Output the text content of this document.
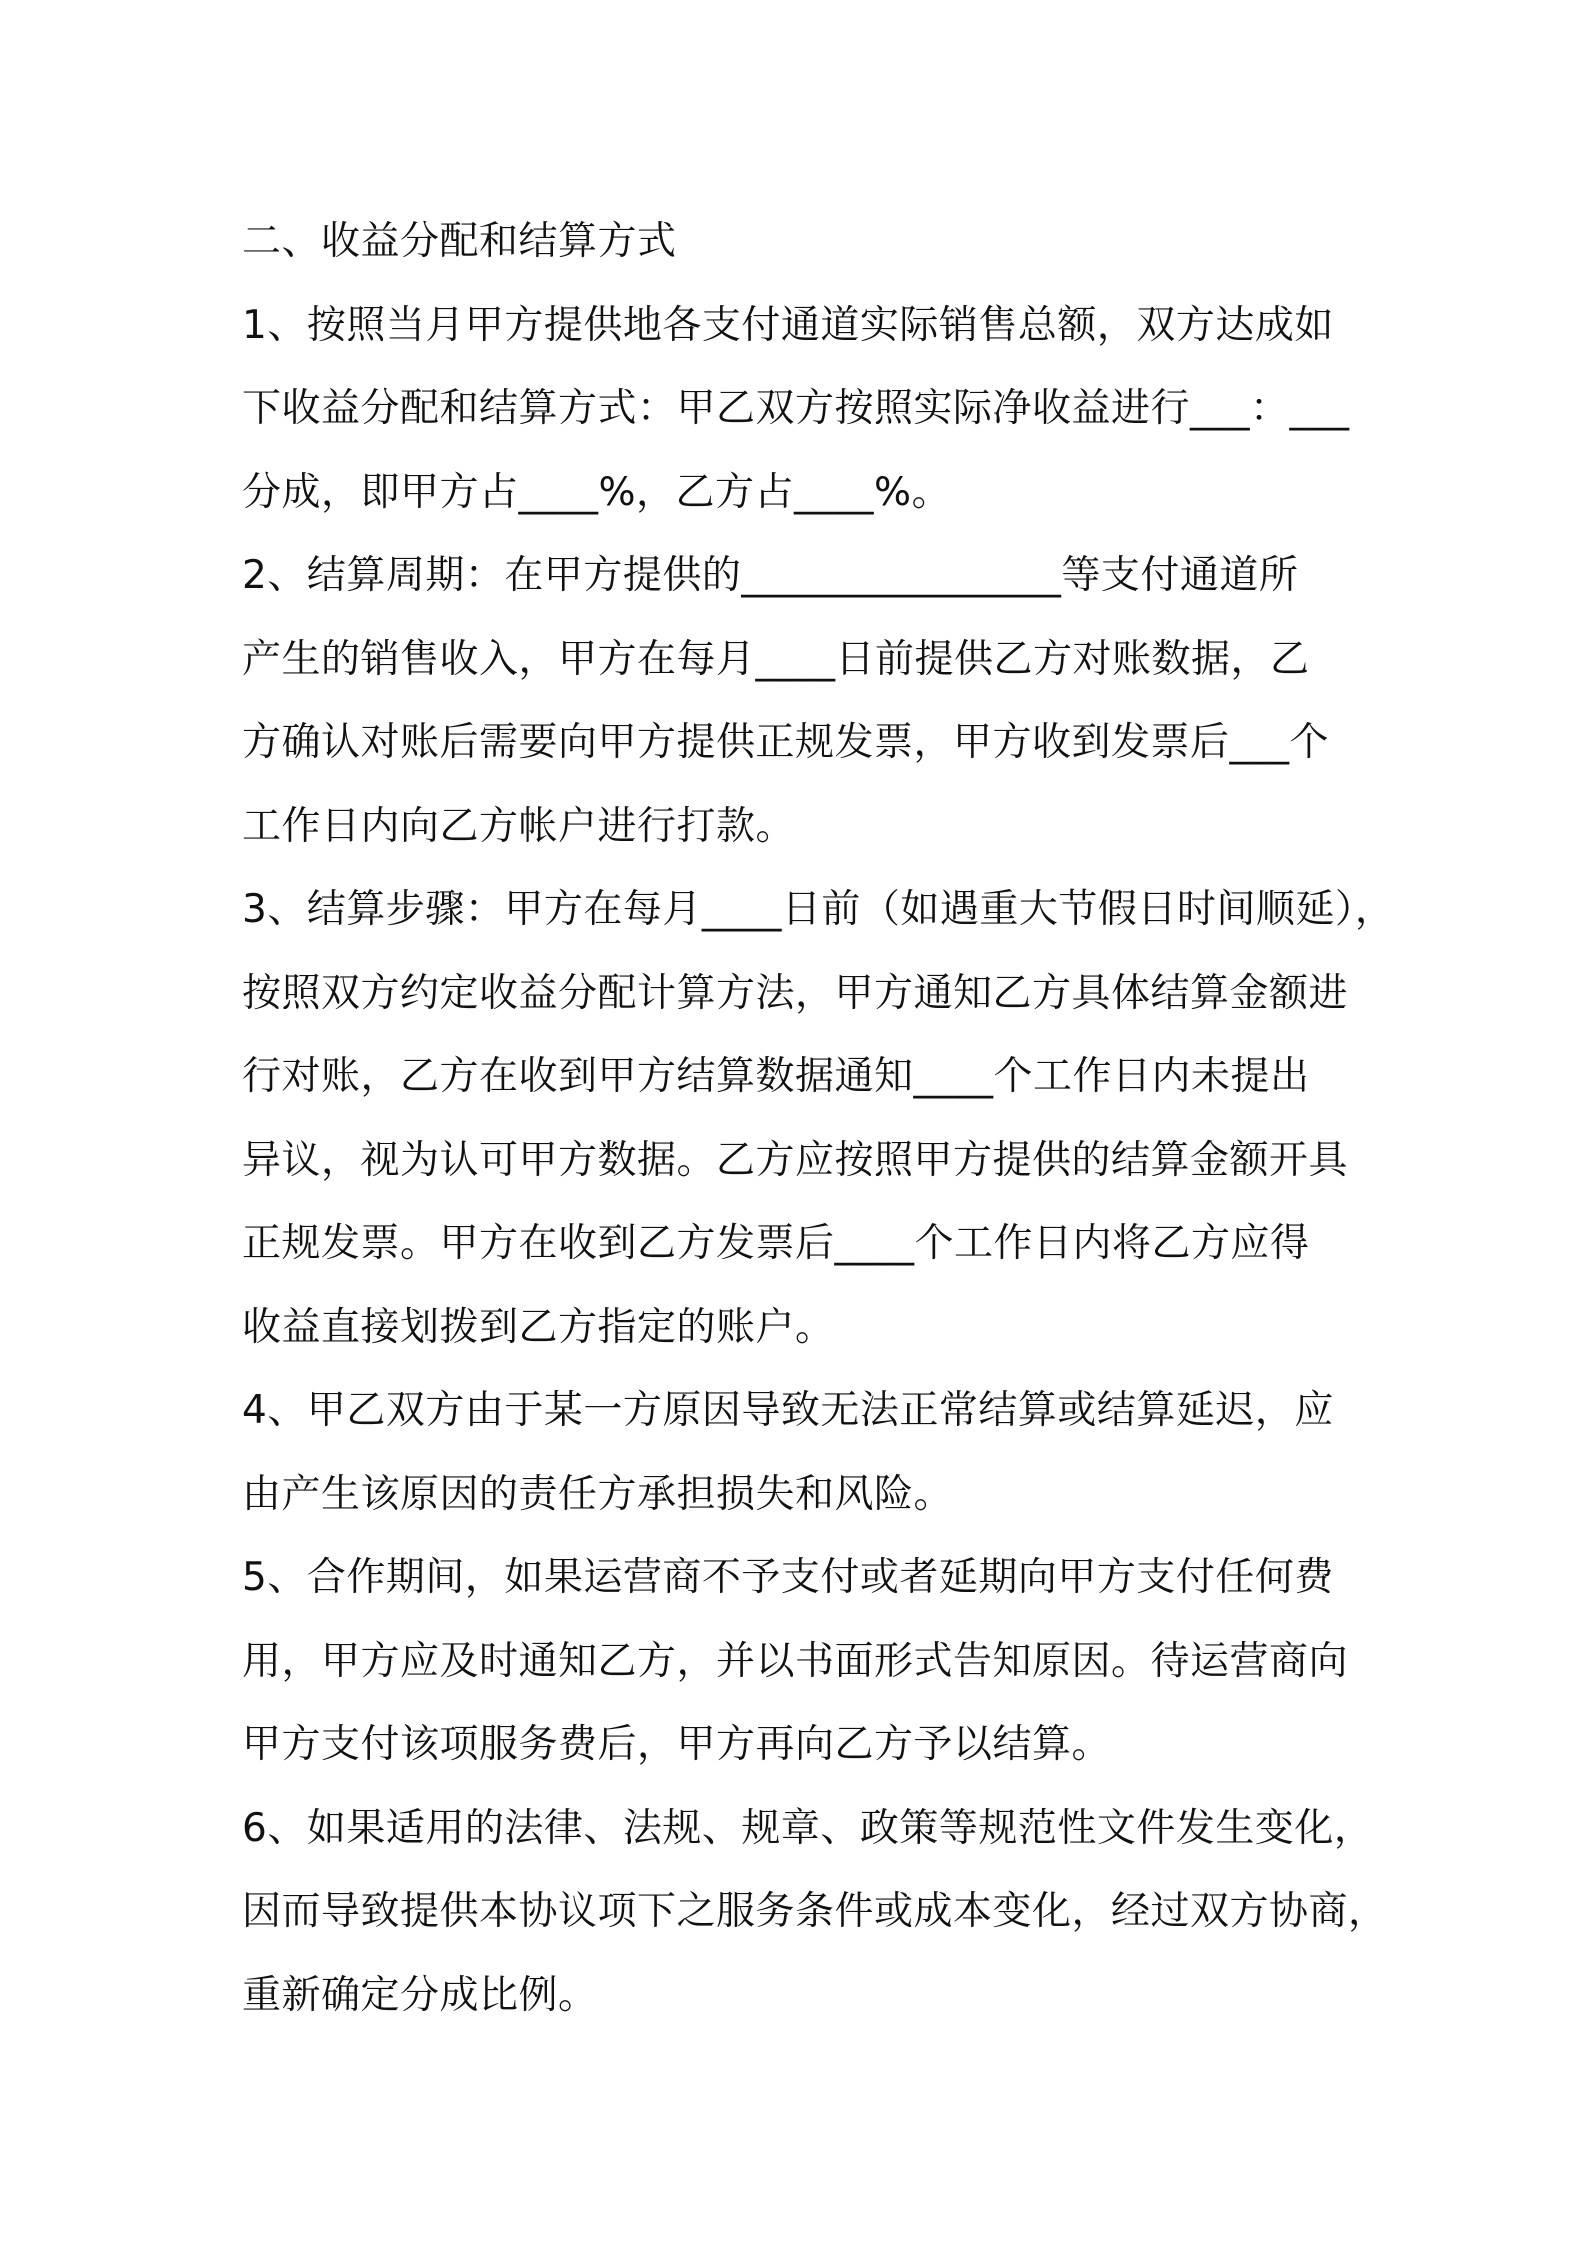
二、收益分配和结算方式
1、按照当月甲方提供地各支付通道实际销售总额，双方达成如
下收益分配和结算方式：甲乙双方按照实际净收益进行___：___
分成，即甲方占____%，乙方占____%。
2、结算周期：在甲方提供的________________等支付通道所
产生的销售收入，甲方在每月____日前提供乙方对账数据，乙
方确认对账后需要向甲方提供正规发票，甲方收到发票后___个
工作日内向乙方帐户进行打款。
3、结算步骤：甲方在每月____日前（如遇重大节假日时间顺延），
按照双方约定收益分配计算方法，甲方通知乙方具体结算金额进
行对账，乙方在收到甲方结算数据通知____个工作日内未提出
异议，视为认可甲方数据。乙方应按照甲方提供的结算金额开具
正规发票。甲方在收到乙方发票后____个工作日内将乙方应得
收益直接划拨到乙方指定的账户。
4、甲乙双方由于某一方原因导致无法正常结算或结算延迟，应
由产生该原因的责任方承担损失和风险。
5、合作期间，如果运营商不予支付或者延期向甲方支付任何费
用，甲方应及时通知乙方，并以书面形式告知原因。待运营商向
甲方支付该项服务费后，甲方再向乙方予以结算。
6、如果适用的法律、法规、规章、政策等规范性文件发生变化，
因而导致提供本协议项下之服务条件或成本变化，经过双方协商，
重新确定分成比例。
